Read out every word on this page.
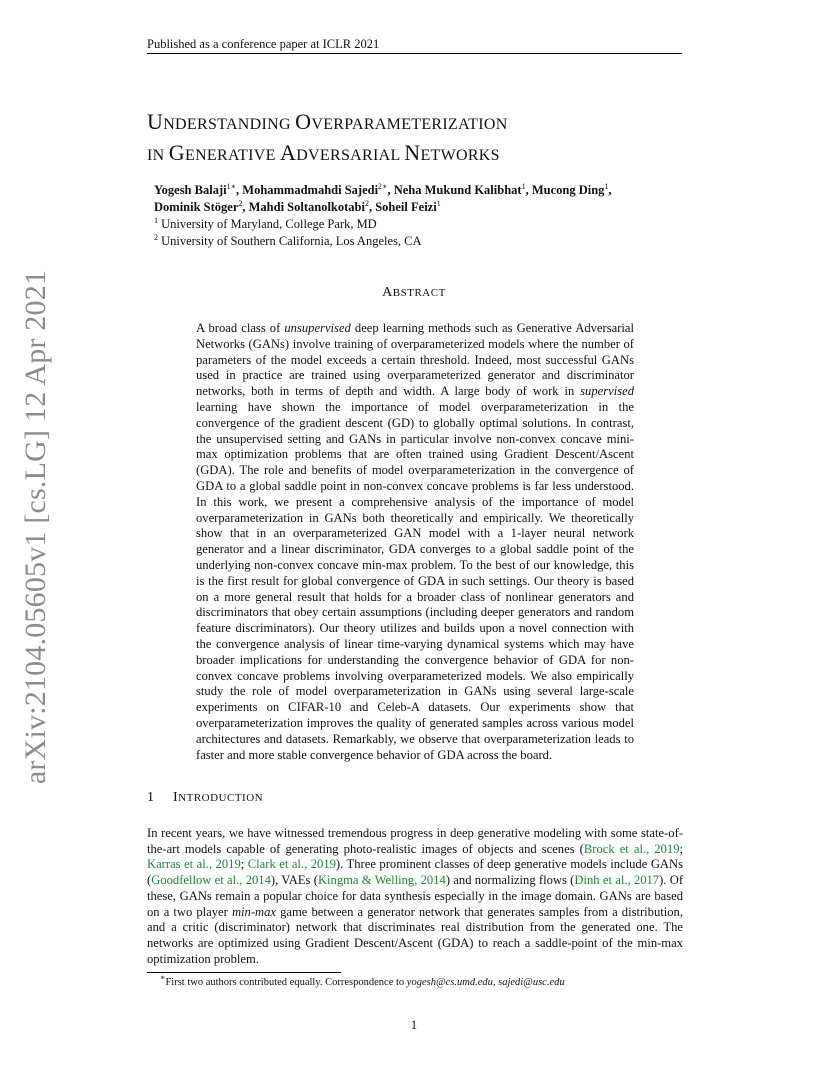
Published as a conference paper at ICLR 2021
arXiv:2104.05605v1 [cs.LG] 12 Apr 2021
UNDERSTANDING OVERPARAMETERIZATION
IN GENERATIVE ADVERSARIAL NETWORKS
Yogesh Balaji$^{1∗}$, Mohammadmahdi Sajedi$^{2∗}$, Neha Mukund Kalibhat$^1$, Mucong Ding$^1$,
Dominik Stöger$^2$, Mahdi Soltanolkotabi$^2$, Soheil Feizi$^1$
$^1$ University of Maryland, College Park, MD
$^2$ University of Southern California, Los Angeles, CA
ABSTRACT
A broad class of unsupervised deep learning methods such as Generative Adversarial Networks (GANs) involve training of overparameterized models where the number of parameters of the model exceeds a certain threshold. Indeed, most successful GANs used in practice are trained using overparameterized generator and discriminator networks, both in terms of depth and width. A large body of work in supervised learning have shown the importance of model overparameterization in the convergence of the gradient descent (GD) to globally optimal solutions. In contrast, the unsupervised setting and GANs in particular involve non-convex concave mini-max optimization problems that are often trained using Gradient Descent/Ascent (GDA). The role and benefits of model overparameterization in the convergence of GDA to a global saddle point in non-convex concave problems is far less understood. In this work, we present a comprehensive analysis of the importance of model overparameterization in GANs both theoretically and empirically. We theoretically show that in an overparameterized GAN model with a 1-layer neural network generator and a linear discriminator, GDA converges to a global saddle point of the underlying non-convex concave min-max problem. To the best of our knowledge, this is the first result for global convergence of GDA in such settings. Our theory is based on a more general result that holds for a broader class of nonlinear generators and discriminators that obey certain assumptions (including deeper generators and random feature discriminators). Our theory utilizes and builds upon a novel connection with the convergence analysis of linear time-varying dynamical systems which may have broader implications for understanding the convergence behavior of GDA for non-convex concave problems involving overparameterized models. We also empirically study the role of model overparameterization in GANs using several large-scale experiments on CIFAR-10 and Celeb-A datasets. Our experiments show that overparameterization improves the quality of generated samples across various model architectures and datasets. Remarkably, we observe that overparameterization leads to faster and more stable convergence behavior of GDA across the board.
1 INTRODUCTION
In recent years, we have witnessed tremendous progress in deep generative modeling with some state-of-the-art models capable of generating photo-realistic images of objects and scenes (Brock et al., 2019; Karras et al., 2019; Clark et al., 2019). Three prominent classes of deep generative models include GANs (Goodfellow et al., 2014), VAEs (Kingma & Welling, 2014) and normalizing flows (Dinh et al., 2017). Of these, GANs remain a popular choice for data synthesis especially in the image domain. GANs are based on a two player min-max game between a generator network that generates samples from a distribution, and a critic (discriminator) network that discriminates real distribution from the generated one. The networks are optimized using Gradient Descent/Ascent (GDA) to reach a saddle-point of the min-max optimization problem.
∗First two authors contributed equally. Correspondence to yogesh@cs.umd.edu, sajedi@usc.edu
1
